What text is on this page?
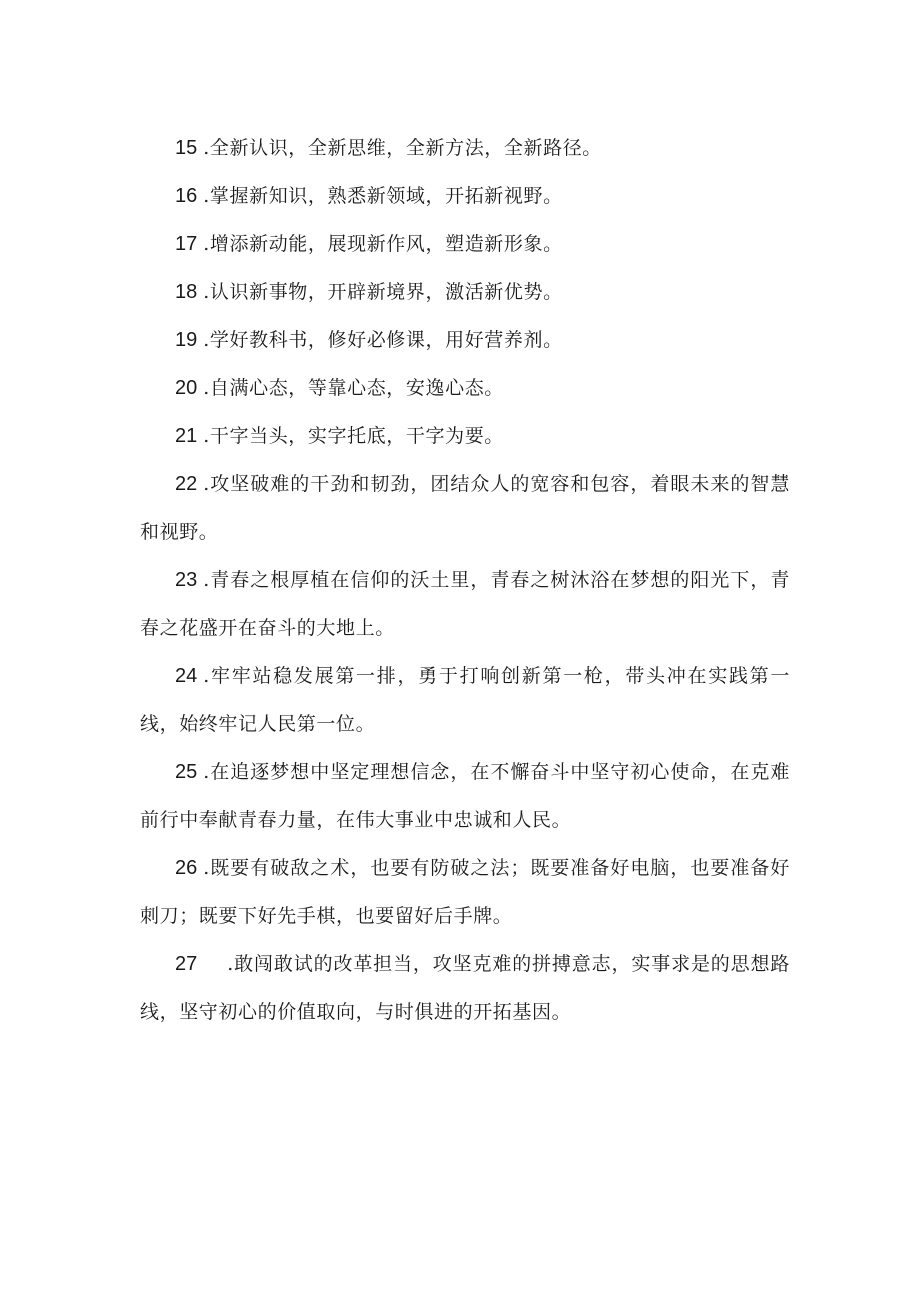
15 .全新认识，全新思维，全新方法，全新路径。

16 .掌握新知识，熟悉新领域，开拓新视野。

17 .增添新动能，展现新作风，塑造新形象。

18 .认识新事物，开辟新境界，激活新优势。

19 .学好教科书，修好必修课，用好营养剂。

20 .自满心态，等靠心态，安逸心态。

21 .干字当头，实字托底，干字为要。

22 .攻坚破难的干劲和韧劲，团结众人的宽容和包容，着眼未来的智慧和视野。

23 .青春之根厚植在信仰的沃土里，青春之树沐浴在梦想的阳光下，青春之花盛开在奋斗的大地上。

24 .牢牢站稳发展第一排，勇于打响创新第一枪，带头冲在实践第一线，始终牢记人民第一位。

25 .在追逐梦想中坚定理想信念，在不懈奋斗中坚守初心使命，在克难前行中奉献青春力量，在伟大事业中忠诚和人民。

26 .既要有破敌之术，也要有防破之法；既要准备好电脑，也要准备好刺刀；既要下好先手棋，也要留好后手牌。

27 .敢闯敢试的改革担当，攻坚克难的拼搏意志，实事求是的思想路线，坚守初心的价值取向，与时俱进的开拓基因。
